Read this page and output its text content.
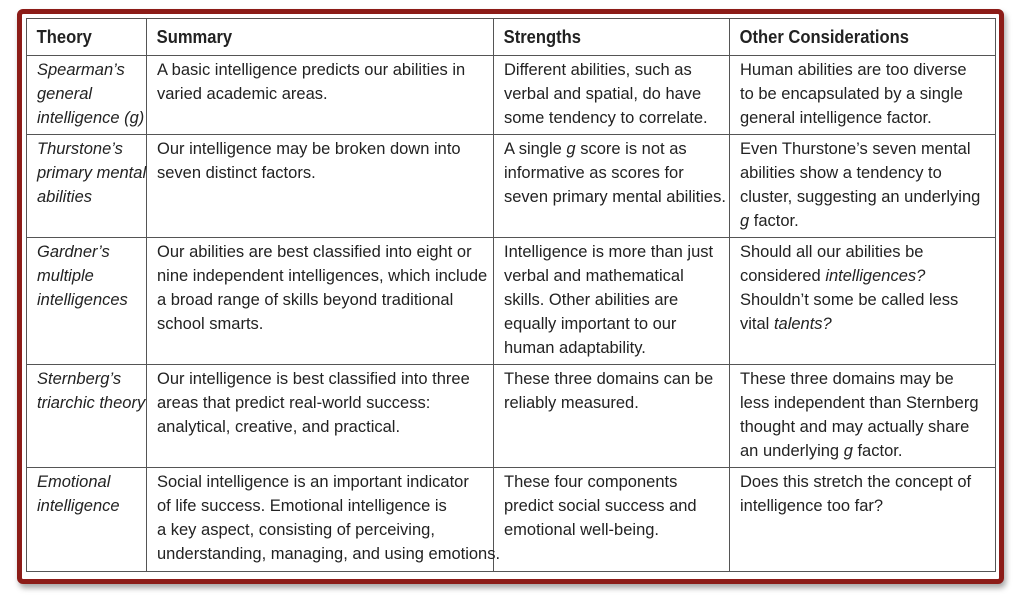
Theory	Summary	Strengths	Other Considerations

Spearman’s
general
intelligence (g)	A basic intelligence predicts our abilities in
varied academic areas.	Different abilities, such as
verbal and spatial, do have
some tendency to correlate.	Human abilities are too diverse
to be encapsulated by a single
general intelligence factor.

Thurstone’s
primary mental
abilities	Our intelligence may be broken down into
seven distinct factors.	A single g score is not as
informative as scores for
seven primary mental abilities.	Even Thurstone’s seven mental
abilities show a tendency to
cluster, suggesting an underlying
g factor.

Gardner’s
multiple
intelligences	Our abilities are best classified into eight or
nine independent intelligences, which include
a broad range of skills beyond traditional
school smarts.	Intelligence is more than just
verbal and mathematical
skills. Other abilities are
equally important to our
human adaptability.	Should all our abilities be
considered intelligences?
Shouldn’t some be called less
vital talents?

Sternberg’s
triarchic theory	Our intelligence is best classified into three
areas that predict real-world success:
analytical, creative, and practical.	These three domains can be
reliably measured.	These three domains may be
less independent than Sternberg
thought and may actually share
an underlying g factor.

Emotional
intelligence	Social intelligence is an important indicator
of life success. Emotional intelligence is
a key aspect, consisting of perceiving,
understanding, managing, and using emotions.	These four components
predict social success and
emotional well-being.	Does this stretch the concept of
intelligence too far?
